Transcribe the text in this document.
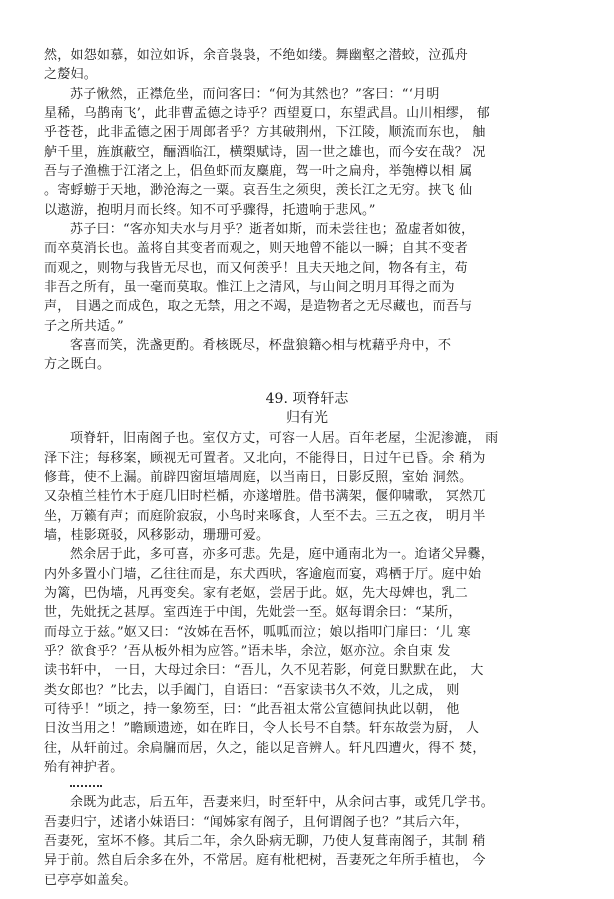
然，如怨如慕，如泣如诉，余音袅袅，不绝如缕。舞幽壑之潜蛟，泣孤舟
之嫠妇。
苏子愀然，正襟危坐，而问客曰：“何为其然也？”客曰：“‘月明
星稀，乌鹊南飞’，此非曹孟德之诗乎？西望夏口，东望武昌。山川相缪， 郁
乎苍苍，此非孟德之困于周郎者乎？方其破荆州，下江陵，顺流而东也， 舳
舻千里，旌旗蔽空，酾酒临江，横槊赋诗，固一世之雄也，而今安在哉？ 况
吾与子渔樵于江渚之上，侣鱼虾而友麋鹿，驾一叶之扁舟，举匏樽以相 属
。寄蜉蝣于天地，渺沧海之一粟。哀吾生之须臾，羡长江之无穷。挟飞 仙
以遨游，抱明月而长终。知不可乎骤得，托遗响于悲风。”
苏子曰：“客亦知夫水与月乎？逝者如斯，而未尝往也；盈虚者如彼，
而卒莫消长也。盖将自其变者而观之，则天地曾不能以一瞬；自其不变者
而观之，则物与我皆无尽也，而又何羡乎！且夫天地之间，物各有主，苟
非吾之所有，虽一毫而莫取。惟江上之清风，与山间之明月耳得之而为
声， 目遇之而成色，取之无禁，用之不竭，是造物者之无尽藏也，而吾与
子之所共适。”
客喜而笑，洗盏更酌。肴核既尽，杯盘狼籍◇相与枕藉乎舟中，不
方之既白。
49. 项脊轩志
归有光
项脊轩，旧南阁子也。室仅方丈，可容一人居。百年老屋，尘泥渗漉， 雨
泽下注；每移案，顾视无可置者。又北向，不能得日，日过午已昏。余 稍为
修葺，使不上漏。前辟四窗垣墙周庭，以当南日，日影反照，室始 洞然。
又杂植兰桂竹木于庭几旧时栏楯，亦遂增胜。借书满架，偃仰啸歌， 冥然兀
坐，万籁有声；而庭阶寂寂，小鸟时来啄食，人至不去。三五之夜， 明月半
墙，桂影斑驳，风移影动，珊珊可爱。
然余居于此，多可喜，亦多可悲。先是，庭中通南北为一。迨诸父异爨，
内外多置小门墙，乙往往而是，东犬西吠，客逾庖而宴，鸡栖于厅。庭中始
为篱，巴伪墙，凡再变矣。家有老妪，尝居于此。妪，先大母婢也，乳二
世，先妣抚之甚厚。室西连于中闺，先妣尝一至。妪每谓余曰：“某所，
而母立于兹。”妪又曰：“汝姊在吾怀，呱呱而泣；娘以指叩门扉曰：‘儿 寒
乎？欲食乎？’吾从板外相为应答。”语未毕，余泣，妪亦泣。余自束 发
读书轩中， 一日，大母过余曰：“吾儿，久不见若影，何竟日默默在此， 大
类女郎也？”比去，以手阖门，自语曰：“吾家读书久不效，儿之成， 则
可待乎！”顷之，持一象笏至，曰：“此吾祖太常公宣德间执此以朝， 他
日汝当用之！”瞻顾遗迹，如在昨日，令人长号不自禁。轩东故尝为厨， 人
往，从轩前过。余扃牖而居，久之，能以足音辨人。轩凡四遭火，得不 焚，
殆有神护者。
余既为此志，后五年，吾妻来归，时至轩中，从余问古事，或凭几学书。
吾妻归宁，述诸小妹语曰：“闻姊家有阁子，且何谓阁子也？”其后六年，
吾妻死，室坏不修。其后二年，余久卧病无聊，乃使人复葺南阁子，其制 稍
异于前。然自后余多在外，不常居。庭有枇杷树，吾妻死之年所手植也， 今
已亭亭如盖矣。
